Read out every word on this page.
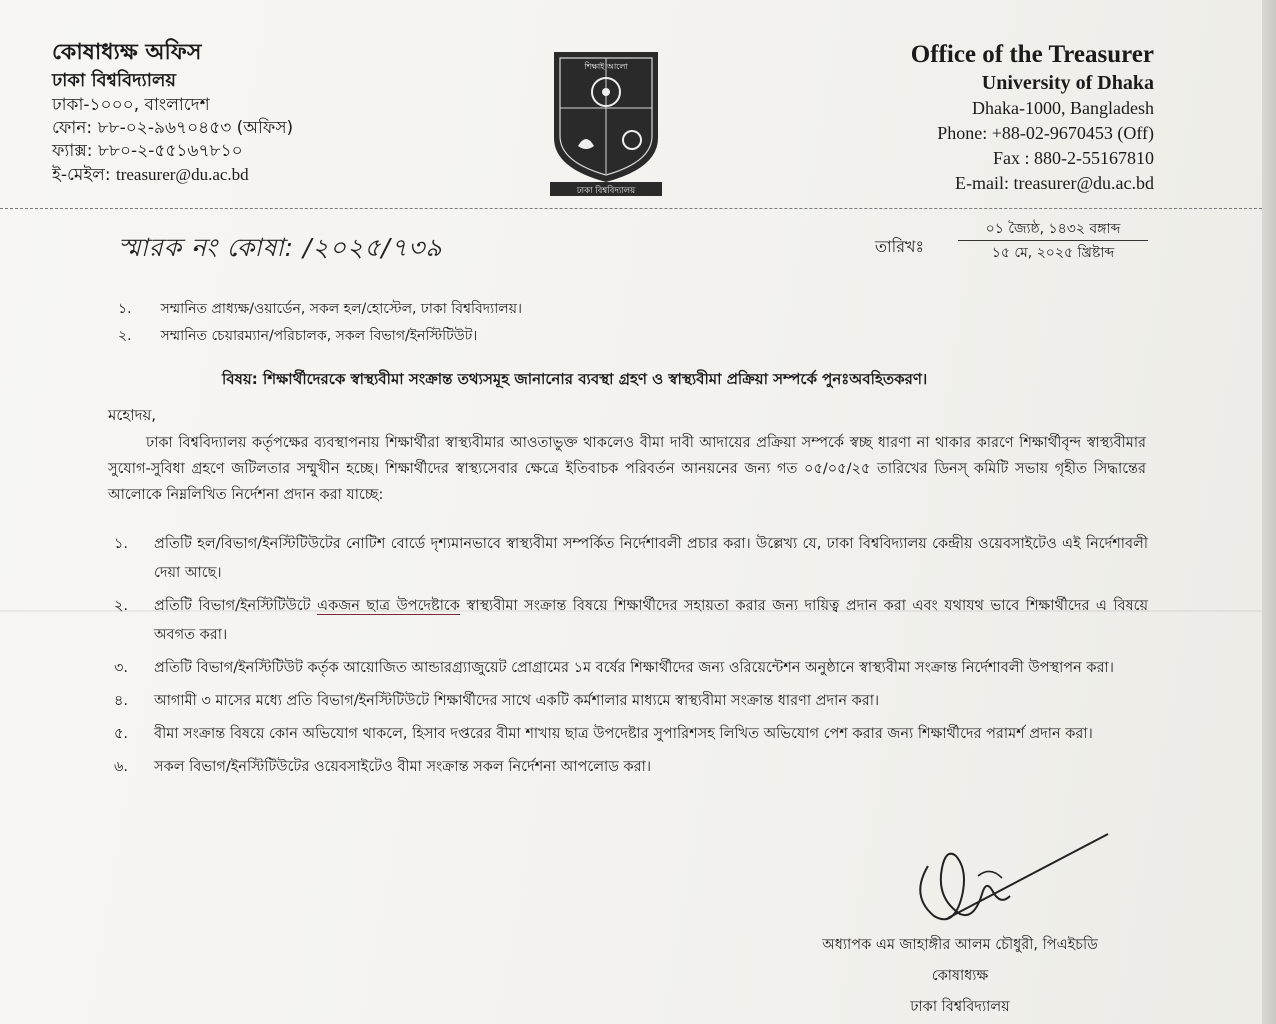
কোষাধ্যক্ষ অফিস
ঢাকা বিশ্ববিদ্যালয়
ঢাকা-১০০০, বাংলাদেশ
ফোন: ৮৮-০২-৯৬৭০৪৫৩ (অফিস)
ফ্যাক্স: ৮৮০-২-৫৫১৬৭৮১০
ই-মেইল: treasurer@du.ac.bd
শিক্ষাই আলো
ঢাকা বিশ্ববিদ্যালয়
Office of the Treasurer
University of Dhaka
Dhaka-1000, Bangladesh
Phone: +88-02-9670453 (Off)
Fax : 880-2-55167810
E-mail: treasurer@du.ac.bd
স্মারক নং কোষা: /২০২৫/৭৩৯	তারিখঃ
০১ জ্যৈষ্ঠ, ১৪৩২ বঙ্গাব্দ
১৫ মে, ২০২৫ খ্রিষ্টাব্দ
১. সম্মানিত প্রাধ্যক্ষ/ওয়ার্ডেন, সকল হল/হোস্টেল, ঢাকা বিশ্ববিদ্যালয়।
২. সম্মানিত চেয়ারম্যান/পরিচালক, সকল বিভাগ/ইনস্টিটিউট।
বিষয়: শিক্ষার্থীদেরকে স্বাস্থ্যবীমা সংক্রান্ত তথ্যসমূহ জানানোর ব্যবস্থা গ্রহণ ও স্বাস্থ্যবীমা প্রক্রিয়া সম্পর্কে পুনঃঅবহিতকরণ।
মহোদয়,
ঢাকা বিশ্ববিদ্যালয় কর্তৃপক্ষের ব্যবস্থাপনায় শিক্ষার্থীরা স্বাস্থ্যবীমার আওতাভুক্ত থাকলেও বীমা দাবী আদায়ের প্রক্রিয়া সম্পর্কে স্বচ্ছ ধারণা না থাকার কারণে শিক্ষার্থীবৃন্দ স্বাস্থ্যবীমার সুযোগ-সুবিধা গ্রহণে জটিলতার সম্মুখীন হচ্ছে। শিক্ষার্থীদের স্বাস্থ্যসেবার ক্ষেত্রে ইতিবাচক পরিবর্তন আনয়নের জন্য গত ০৫/০৫/২৫ তারিখের ডিনস্ কমিটি সভায় গৃহীত সিদ্ধান্তের আলোকে নিম্নলিখিত নির্দেশনা প্রদান করা যাচ্ছে:
১.	প্রতিটি হল/বিভাগ/ইনস্টিটিউটের নোটিশ বোর্ডে দৃশ্যমানভাবে স্বাস্থ্যবীমা সম্পর্কিত নির্দেশাবলী প্রচার করা। উল্লেখ্য যে, ঢাকা বিশ্ববিদ্যালয় কেন্দ্রীয় ওয়েবসাইটেও এই নির্দেশাবলী দেয়া আছে।
২.	প্রতিটি বিভাগ/ইনস্টিটিউটে একজন ছাত্র উপদেষ্টাকে স্বাস্থ্যবীমা সংক্রান্ত বিষয়ে শিক্ষার্থীদের সহায়তা করার জন্য দায়িত্ব প্রদান করা এবং যথাযথ ভাবে শিক্ষার্থীদের এ বিষয়ে অবগত করা।
৩.	প্রতিটি বিভাগ/ইনস্টিটিউট কর্তৃক আয়োজিত আন্ডারগ্র্যাজুয়েট প্রোগ্রামের ১ম বর্ষের শিক্ষার্থীদের জন্য ওরিয়েন্টেশন অনুষ্ঠানে স্বাস্থ্যবীমা সংক্রান্ত নির্দেশাবলী উপস্থাপন করা।
৪.	আগামী ৩ মাসের মধ্যে প্রতি বিভাগ/ইনস্টিটিউটে শিক্ষার্থীদের সাথে একটি কর্মশালার মাধ্যমে স্বাস্থ্যবীমা সংক্রান্ত ধারণা প্রদান করা।
৫.	বীমা সংক্রান্ত বিষয়ে কোন অভিযোগ থাকলে, হিসাব দপ্তরের বীমা শাখায় ছাত্র উপদেষ্টার সুপারিশসহ লিখিত অভিযোগ পেশ করার জন্য শিক্ষার্থীদের পরামর্শ প্রদান করা।
৬.	সকল বিভাগ/ইনস্টিটিউটের ওয়েবসাইটেও বীমা সংক্রান্ত সকল নির্দেশনা আপলোড করা।
অধ্যাপক এম জাহাঙ্গীর আলম চৌধুরী, পিএইচডি
কোষাধ্যক্ষ
ঢাকা বিশ্ববিদ্যালয়
